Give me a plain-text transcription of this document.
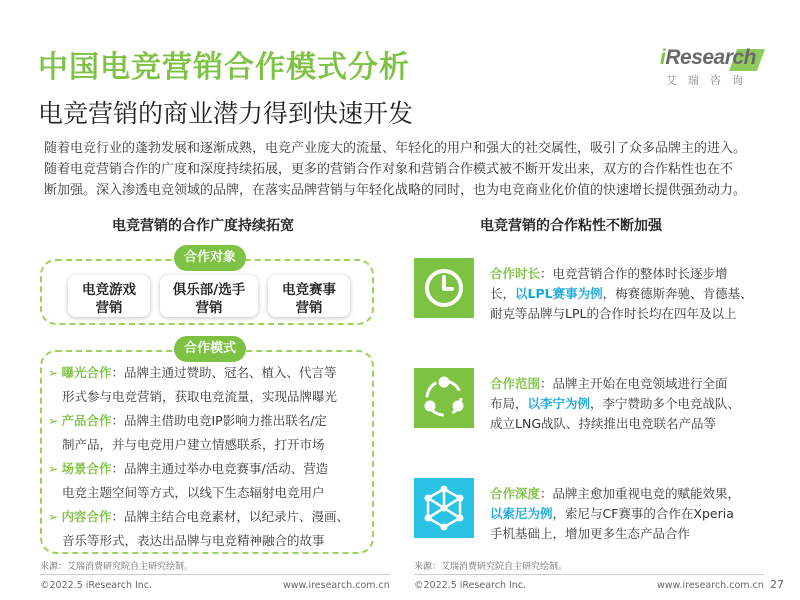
中国电竞营销合作模式分析
电竞营销的商业潜力得到快速开发
iResearch
艾瑞咨询

随着电竞行业的蓬勃发展和逐渐成熟，电竞产业庞大的流量、年轻化的用户和强大的社交属性，吸引了众多品牌主的进入。

随着电竞营销合作的广度和深度持续拓展，更多的营销合作对象和营销合作模式被不断开发出来，双方的合作粘性也在不

断加强。深入渗透电竞领域的品牌，在落实品牌营销与年轻化战略的同时，也为电竞商业化价值的快速增长提供强劲动力。

电竞营销的合作广度持续拓宽
合作对象
电竞游戏
营销
俱乐部/选手
营销
电竞赛事
营销
合作模式
➢ 曝光合作：品牌主通过赞助、冠名、植入、代言等
形式参与电竞营销，获取电竞流量，实现品牌曝光
➢ 产品合作：品牌主借助电竞IP影响力推出联名/定
制产品，并与电竞用户建立情感联系，打开市场
➢ 场景合作：品牌主通过举办电竞赛事/活动、营造
电竞主题空间等方式，以线下生态辐射电竞用户
➢ 内容合作：品牌主结合电竞素材，以纪录片、漫画、
音乐等形式，表达出品牌与电竞精神融合的故事
来源：艾瑞消费研究院自主研究绘制。
电竞营销的合作粘性不断加强
合作时长：电竞营销合作的整体时长逐步增
长，以LPL赛事为例，梅赛德斯奔驰、肯德基、
耐克等品牌与LPL的合作时长均在四年及以上
合作范围：品牌主开始在电竞领域进行全面
布局，以李宁为例，李宁赞助多个电竞战队、
成立LNG战队、持续推出电竞联名产品等
合作深度：品牌主愈加重视电竞的赋能效果，
以索尼为例，索尼与CF赛事的合作在Xperia
手机基础上，增加更多生态产品合作
来源：艾瑞消费研究院自主研究绘制。
©2022.5 iResearch Inc.	www.iresearch.com.cn	©2022.5 iResearch Inc.	www.iresearch.com.cn 27
